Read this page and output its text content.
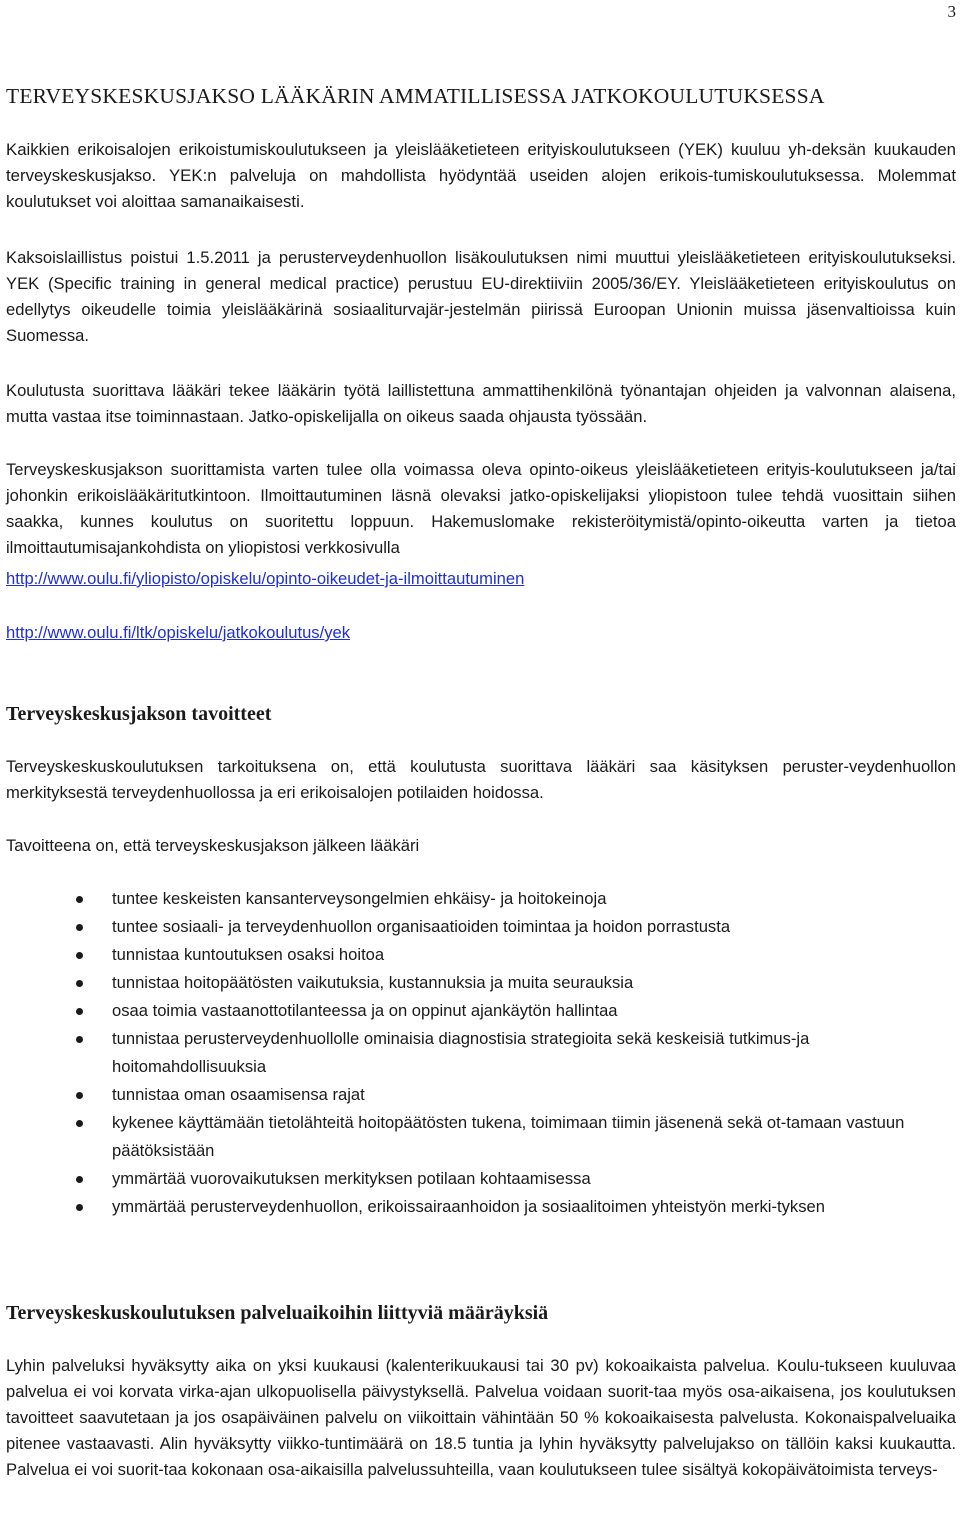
3
TERVEYSKESKUSJAKSO LÄÄKÄRIN AMMATILLISESSA JATKOKOULUTUKSESSA

Kaikkien erikoisalojen erikoistumiskoulutukseen ja yleislääketieteen erityiskoulutukseen (YEK) kuuluu yh-deksän kuukauden terveyskeskusjakso. YEK:n palveluja on mahdollista hyödyntää useiden alojen erikois-tumiskoulutuksessa. Molemmat koulutukset voi aloittaa samanaikaisesti.

Kaksoislaillistus poistui 1.5.2011 ja perusterveydenhuollon lisäkoulutuksen nimi muuttui yleislääketieteen erityiskoulutukseksi. YEK (Specific training in general medical practice) perustuu EU-direktiiviin 2005/36/EY. Yleislääketieteen erityiskoulutus on edellytys oikeudelle toimia yleislääkärinä sosiaaliturvajär-jestelmän piirissä Euroopan Unionin muissa jäsenvaltioissa kuin Suomessa.

Koulutusta suorittava lääkäri tekee lääkärin työtä laillistettuna ammattihenkilönä työnantajan ohjeiden ja valvonnan alaisena, mutta vastaa itse toiminnastaan. Jatko-opiskelijalla on oikeus saada ohjausta työssään.

Terveyskeskusjakson suorittamista varten tulee olla voimassa oleva opinto-oikeus yleislääketieteen erityis-koulutukseen ja/tai johonkin erikoislääkäritutkintoon. Ilmoittautuminen läsnä olevaksi jatko-opiskelijaksi yliopistoon tulee tehdä vuosittain siihen saakka, kunnes koulutus on suoritettu loppuun. Hakemuslomake rekisteröitymistä/opinto-oikeutta varten ja tietoa ilmoittautumisajankohdista on yliopistosi verkkosivulla

http://www.oulu.fi/yliopisto/opiskelu/opinto-oikeudet-ja-ilmoittautuminen
http://www.oulu.fi/ltk/opiskelu/jatkokoulutus/yek
Terveyskeskusjakson tavoitteet

Terveyskeskuskoulutuksen tarkoituksena on, että koulutusta suorittava lääkäri saa käsityksen peruster-veydenhuollon merkityksestä terveydenhuollossa ja eri erikoisalojen potilaiden hoidossa.

Tavoitteena on, että terveyskeskusjakson jälkeen lääkäri

tuntee keskeisten kansanterveysongelmien ehkäisy- ja hoitokeinoja
tuntee sosiaali- ja terveydenhuollon organisaatioiden toimintaa ja hoidon porrastusta
tunnistaa kuntoutuksen osaksi hoitoa
tunnistaa hoitopäätösten vaikutuksia, kustannuksia ja muita seurauksia
osaa toimia vastaanottotilanteessa ja on oppinut ajankäytön hallintaa
tunnistaa perusterveydenhuollolle ominaisia diagnostisia strategioita sekä keskeisiä tutkimus-ja hoitomahdollisuuksia
tunnistaa oman osaamisensa rajat
kykenee käyttämään tietolähteitä hoitopäätösten tukena, toimimaan tiimin jäsenenä sekä ot-tamaan vastuun päätöksistään
ymmärtää vuorovaikutuksen merkityksen potilaan kohtaamisessa
ymmärtää perusterveydenhuollon, erikoissairaanhoidon ja sosiaalitoimen yhteistyön merki-tyksen
Terveyskeskuskoulutuksen palveluaikoihin liittyviä määräyksiä

Lyhin palveluksi hyväksytty aika on yksi kuukausi (kalenterikuukausi tai 30 pv) kokoaikaista palvelua. Koulu-tukseen kuuluvaa palvelua ei voi korvata virka-ajan ulkopuolisella päivystyksellä. Palvelua voidaan suorit-taa myös osa-aikaisena, jos koulutuksen tavoitteet saavutetaan ja jos osapäiväinen palvelu on viikoittain vähintään 50 % kokoaikaisesta palvelusta. Kokonaispalveluaika pitenee vastaavasti. Alin hyväksytty viikko-tuntimäärä on 18.5 tuntia ja lyhin hyväksytty palvelujakso on tällöin kaksi kuukautta. Palvelua ei voi suorit-taa kokonaan osa-aikaisilla palvelussuhteilla, vaan koulutukseen tulee sisältyä kokopäivätoimista terveys-
